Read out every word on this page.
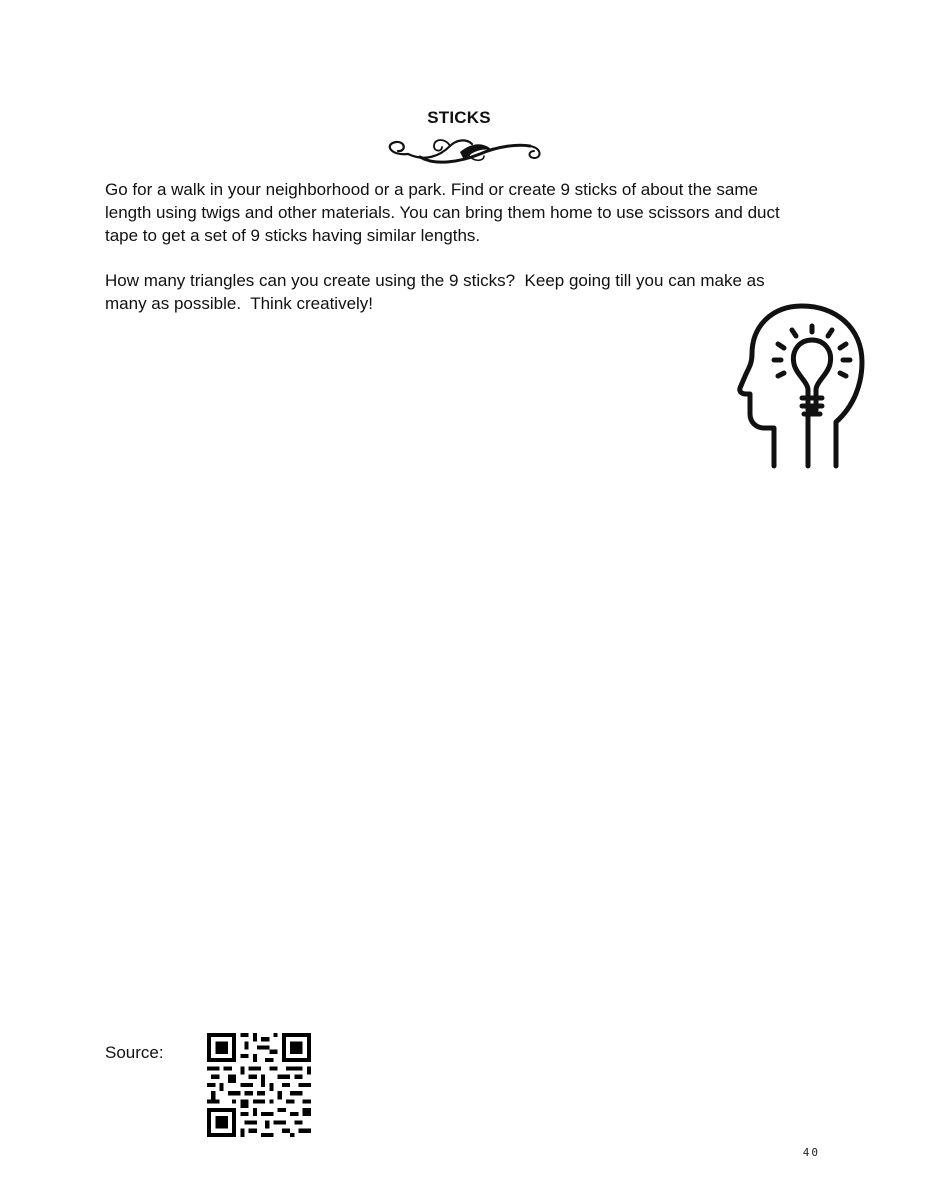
STICKS

Go for a walk in your neighborhood or a park. Find or create 9 sticks of about the same length using twigs and other materials. You can bring them home to use scissors and duct tape to get a set of 9 sticks having similar lengths.

How many triangles can you create using the 9 sticks?  Keep going till you can make as many as possible.  Think creatively!

Source:
40
